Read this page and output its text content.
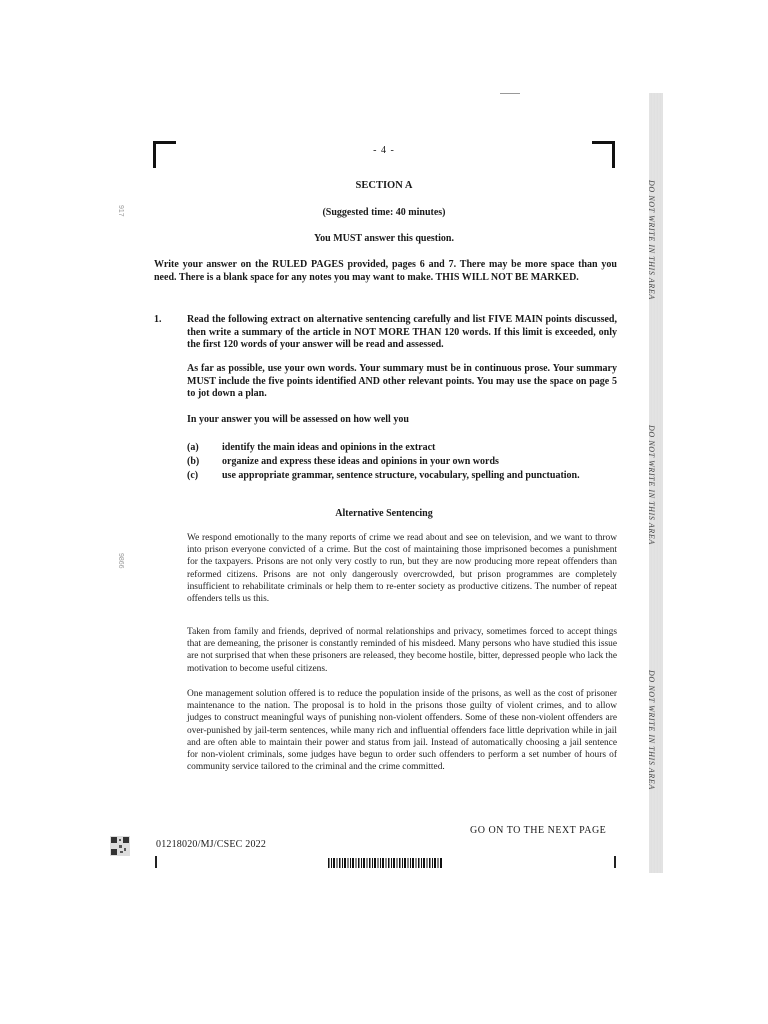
917
9866
- 4 -
SECTION A
(Suggested time: 40 minutes)
You MUST answer this question.

Write your answer on the RULED PAGES provided, pages 6 and 7. There may be more space than you need. There is a blank space for any notes you may want to make. THIS WILL NOT BE MARKED.

1.	Read the following extract on alternative sentencing carefully and list FIVE MAIN points discussed, then write a summary of the article in NOT MORE THAN 120 words. If this limit is exceeded, only the first 120 words of your answer will be read and assessed.

As far as possible, use your own words. Your summary must be in continuous prose. Your summary MUST include the five points identified AND other relevant points. You may use the space on page 5 to jot down a plan.

In your answer you will be assessed on how well you

(a)	identify the main ideas and opinions in the extract
(b)	organize and express these ideas and opinions in your own words
(c)	use appropriate grammar, sentence structure, vocabulary, spelling and punctuation.
Alternative Sentencing

We respond emotionally to the many reports of crime we read about and see on television, and we want to throw into prison everyone convicted of a crime. But the cost of maintaining those imprisoned becomes a punishment for the taxpayers. Prisons are not only very costly to run, but they are now producing more repeat offenders than reformed citizens. Prisons are not only dangerously overcrowded, but prison programmes are completely insufficient to rehabilitate criminals or help them to re-enter society as productive citizens. The number of repeat offenders tells us this.

Taken from family and friends, deprived of normal relationships and privacy, sometimes forced to accept things that are demeaning, the prisoner is constantly reminded of his misdeed. Many persons who have studied this issue are not surprised that when these prisoners are released, they become hostile, bitter, depressed people who lack the motivation to become useful citizens.

One management solution offered is to reduce the population inside of the prisons, as well as the cost of prisoner maintenance to the nation. The proposal is to hold in the prisons those guilty of violent crimes, and to allow judges to construct meaningful ways of punishing non-violent offenders. Some of these non-violent offenders are over-punished by jail-term sentences, while many rich and influential offenders face little deprivation while in jail and are often able to maintain their power and status from jail. Instead of automatically choosing a jail sentence for non-violent criminals, some judges have begun to order such offenders to perform a set number of hours of community service tailored to the criminal and the crime committed.

GO ON TO THE NEXT PAGE
01218020/MJ/CSEC 2022
DO NOT WRITE IN THIS AREA
DO NOT WRITE IN THIS AREA
DO NOT WRITE IN THIS AREA
